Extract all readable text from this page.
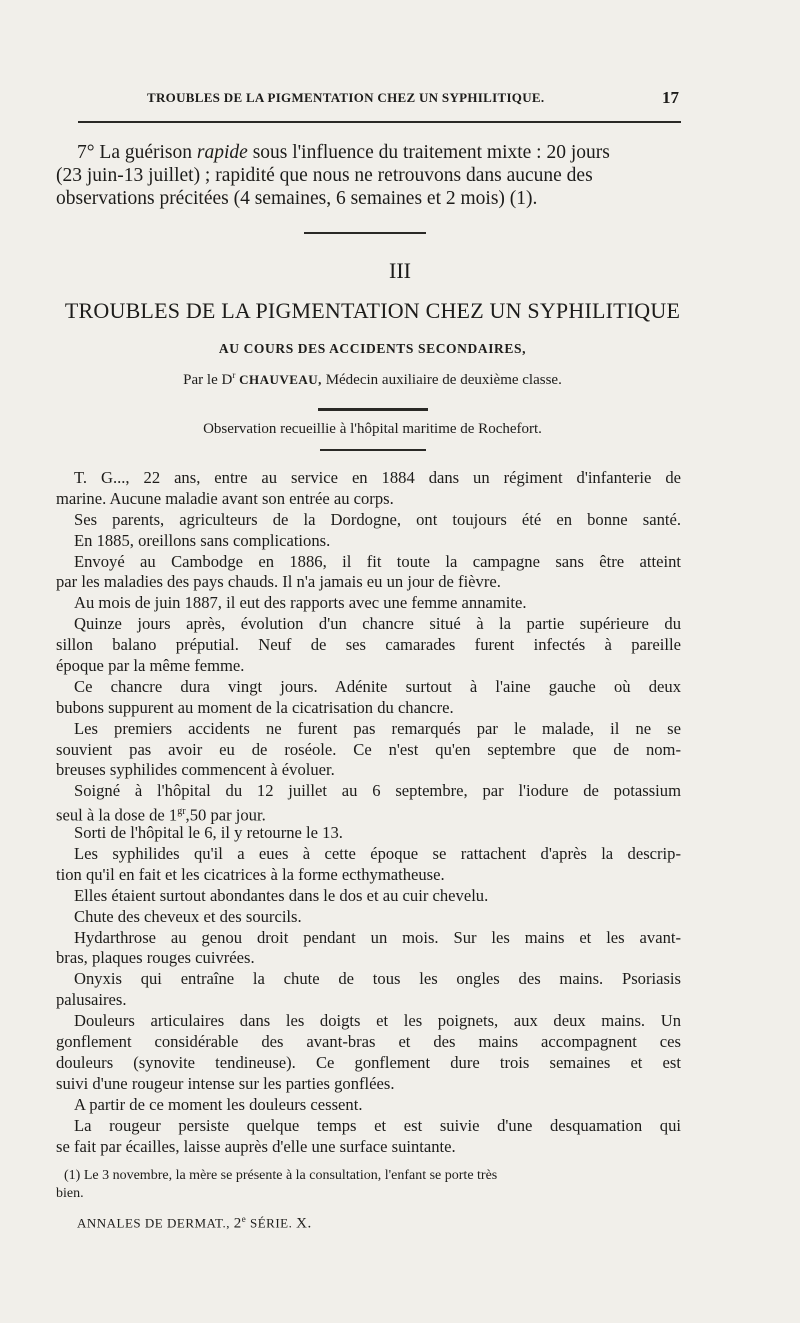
TROUBLES DE LA PIGMENTATION CHEZ UN SYPHILITIQUE.	17
7° La guérison rapide sous l'influence du traitement mixte : 20 jours
(23 juin-13 juillet) ; rapidité que nous ne retrouvons dans aucune des
observations précitées (4 semaines, 6 semaines et 2 mois) (1).
III
TROUBLES DE LA PIGMENTATION CHEZ UN SYPHILITIQUE
AU COURS DES ACCIDENTS SECONDAIRES,
Par le $D^r$ CHAUVEAU, Médecin auxiliaire de deuxième classe.
Observation recueillie à l'hôpital maritime de Rochefort.
T. G..., 22 ans, entre au service en 1884 dans un régiment d'infanterie de
marine. Aucune maladie avant son entrée au corps.
Ses parents, agriculteurs de la Dordogne, ont toujours été en bonne santé.
En 1885, oreillons sans complications.
Envoyé au Cambodge en 1886, il fit toute la campagne sans être atteint
par les maladies des pays chauds. Il n'a jamais eu un jour de fièvre.
Au mois de juin 1887, il eut des rapports avec une femme annamite.
Quinze jours après, évolution d'un chancre situé à la partie supérieure du
sillon balano préputial. Neuf de ses camarades furent infectés à pareille
époque par la même femme.
Ce chancre dura vingt jours. Adénite surtout à l'aine gauche où deux
bubons suppurent au moment de la cicatrisation du chancre.
Les premiers accidents ne furent pas remarqués par le malade, il ne se
souvient pas avoir eu de roséole. Ce n'est qu'en septembre que de nom-
breuses syphilides commencent à évoluer.
Soigné à l'hôpital du 12 juillet au 6 septembre, par l'iodure de potassium
seul à la dose de $1^{gr},50$ par jour.
Sorti de l'hôpital le 6, il y retourne le 13.
Les syphilides qu'il a eues à cette époque se rattachent d'après la descrip-
tion qu'il en fait et les cicatrices à la forme ecthymatheuse.
Elles étaient surtout abondantes dans le dos et au cuir chevelu.
Chute des cheveux et des sourcils.
Hydarthrose au genou droit pendant un mois. Sur les mains et les avant-
bras, plaques rouges cuivrées.
Onyxis qui entraîne la chute de tous les ongles des mains. Psoriasis
palusaires.
Douleurs articulaires dans les doigts et les poignets, aux deux mains. Un
gonflement considérable des avant-bras et des mains accompagnent ces
douleurs (synovite tendineuse). Ce gonflement dure trois semaines et est
suivi d'une rougeur intense sur les parties gonflées.
A partir de ce moment les douleurs cessent.
La rougeur persiste quelque temps et est suivie d'une desquamation qui
se fait par écailles, laisse auprès d'elle une surface suintante.
(1) Le 3 novembre, la mère se présente à la consultation, l'enfant se porte très
bien.
ANNALES DE DERMAT., 2e SÉRIE. X.
